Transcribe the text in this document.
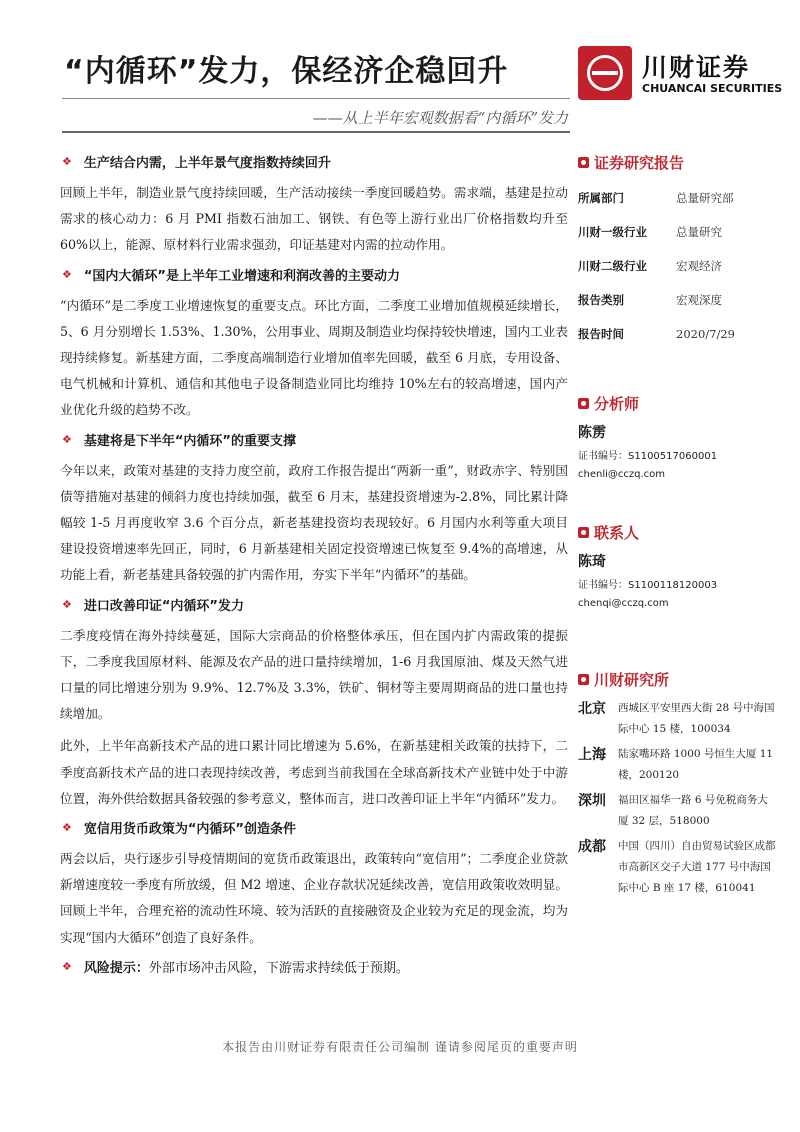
“内循环”发力，保经济企稳回升
——从上半年宏观数据看“内循环”发力
川财证券
CHUANCAI SECURITIES
❖ 生产结合内需，上半年景气度指数持续回升

回顾上半年，制造业景气度持续回暖，生产活动接续一季度回暖趋势。需求端，基建是拉动需求的核心动力：6 月 PMI 指数石油加工、钢铁、有色等上游行业出厂价格指数均升至 60%以上，能源、原材料行业需求强劲，印证基建对内需的拉动作用。

❖ “国内大循环”是上半年工业增速和利润改善的主要动力

“内循环”是二季度工业增速恢复的重要支点。环比方面，二季度工业增加值规模延续增长，5、6 月分别增长 1.53%、1.30%，公用事业、周期及制造业均保持较快增速，国内工业表现持续修复。新基建方面，二季度高端制造行业增加值率先回暖，截至 6 月底，专用设备、电气机械和计算机、通信和其他电子设备制造业同比均维持 10%左右的较高增速，国内产业优化升级的趋势不改。

❖ 基建将是下半年“内循环”的重要支撑

今年以来，政策对基建的支持力度空前，政府工作报告提出“两新一重”，财政赤字、特别国债等措施对基建的倾斜力度也持续加强，截至 6 月末，基建投资增速为-2.8%，同比累计降幅较 1-5 月再度收窄 3.6 个百分点，新老基建投资均表现较好。6 月国内水利等重大项目建设投资增速率先回正，同时，6 月新基建相关固定投资增速已恢复至 9.4%的高增速，从功能上看，新老基建具备较强的扩内需作用，夯实下半年“内循环”的基础。

❖ 进口改善印证“内循环”发力

二季度疫情在海外持续蔓延，国际大宗商品的价格整体承压，但在国内扩内需政策的提振下，二季度我国原材料、能源及农产品的进口量持续增加，1-6 月我国原油、煤及天然气进口量的同比增速分别为 9.9%、12.7%及 3.3%，铁矿、铜材等主要周期商品的进口量也持续增加。

此外，上半年高新技术产品的进口累计同比增速为 5.6%，在新基建相关政策的扶持下，二季度高新技术产品的进口表现持续改善，考虑到当前我国在全球高新技术产业链中处于中游位置，海外供给数据具备较强的参考意义，整体而言，进口改善印证上半年“内循环”发力。

❖ 宽信用货币政策为“内循环”创造条件

两会以后，央行逐步引导疫情期间的宽货币政策退出，政策转向“宽信用”；二季度企业贷款新增速度较一季度有所放缓，但 M2 增速、企业存款状况延续改善，宽信用政策收效明显。回顾上半年，合理充裕的流动性环境、较为活跃的直接融资及企业较为充足的现金流，均为实现“国内大循环”创造了良好条件。

❖ 风险提示： 外部市场冲击风险，下游需求持续低于预期。
证券研究报告
所属部门	总量研究部
川财一级行业	总量研究
川财二级行业	宏观经济
报告类别	宏观深度
报告时间	2020/7/29
分析师
陈雳
证书编号：S1100517060001
chenli@cczq.com
联系人
陈琦
证书编号：S1100118120003
chenqi@cczq.com
川财研究所
北京	西城区平安里西大街 28 号中海国际中心 15 楼，100034
上海	陆家嘴环路 1000 号恒生大厦 11 楼，200120
深圳	福田区福华一路 6 号免税商务大厦 32 层，518000
成都	中国（四川）自由贸易试验区成都市高新区交子大道 177 号中海国际中心 B 座 17 楼，610041
本报告由川财证券有限责任公司编制 谨请参阅尾页的重要声明
